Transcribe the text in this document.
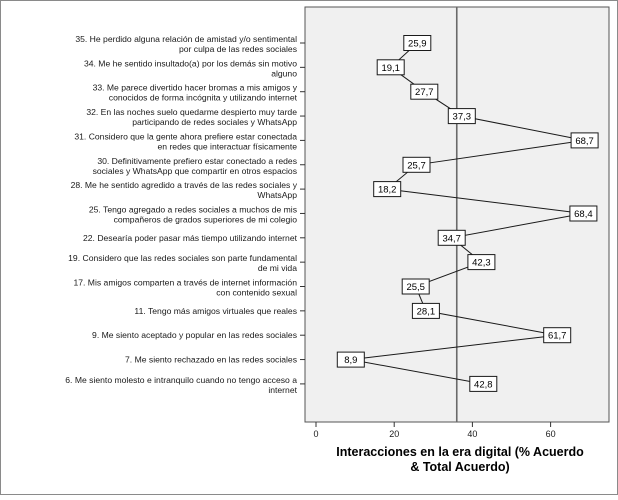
35. He perdido alguna relación de amistad y/o sentimental
por culpa de las redes sociales
34. Me he sentido insultado(a) por los demás sin motivo
alguno
33. Me parece divertido hacer bromas a mis amigos y
conocidos de forma incógnita y utilizando internet
32. En las noches suelo quedarme despierto muy tarde
participando de redes sociales y WhatsApp
31. Considero que la gente ahora prefiere estar conectada
en redes que interactuar físicamente
30. Definitivamente prefiero estar conectado a redes
sociales y WhatsApp que compartir en otros espacios
28. Me he sentido agredido a través de las redes sociales y
WhatsApp
25. Tengo agregado a redes sociales a muchos de mis
compañeros de grados superiores de mi colegio
22. Desearía poder pasar más tiempo utilizando internet
19. Considero que las redes sociales son parte fundamental
de mi vida
17. Mis amigos comparten a través de internet información
con contenido sexual
11. Tengo más amigos virtuales que reales
9. Me siento aceptado y popular en las redes sociales
7. Me siento rechazado en las redes sociales
6. Me siento molesto e intranquilo cuando no tengo acceso a
internet
0	20	40	60
25,9
19,1
27,7
37,3
68,7
25,7
18,2
68,4
34,7
42,3
25,5
28,1
61,7
8,9
42,8
Interacciones en la era digital (% Acuerdo
& Total Acuerdo)
